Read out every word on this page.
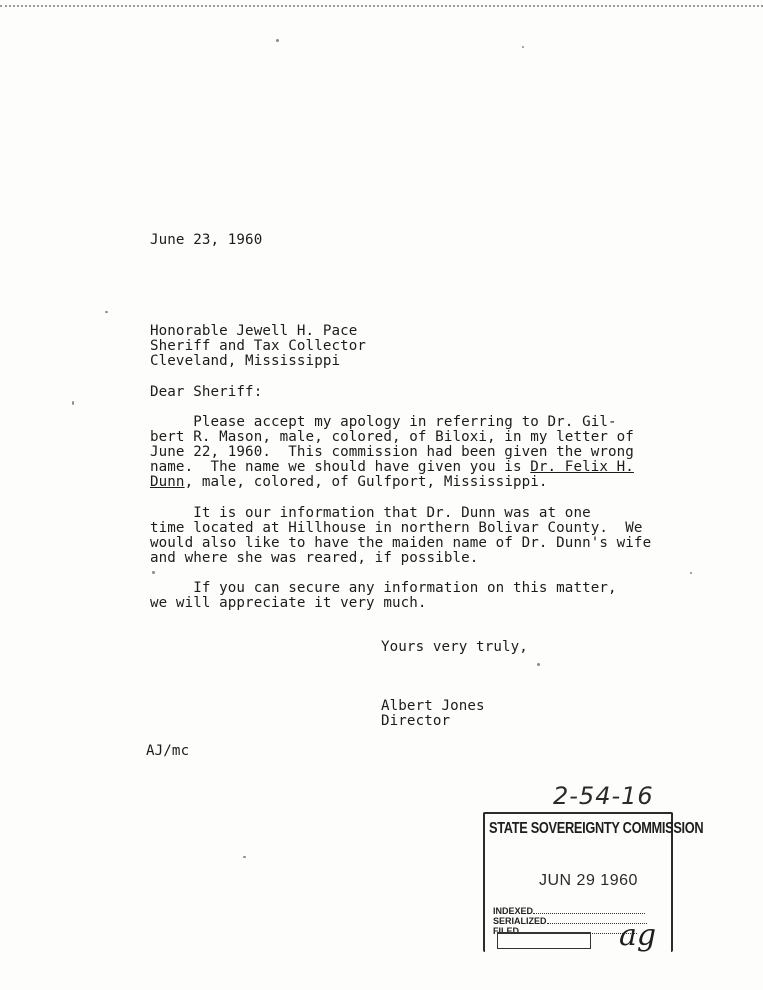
June 23, 1960
Honorable Jewell H. Pace
Sheriff and Tax Collector
Cleveland, Mississippi
Dear Sheriff:
Please accept my apology in referring to Dr. Gil-
bert R. Mason, male, colored, of Biloxi, in my letter of
June 22, 1960.  This commission had been given the wrong
name.  The name we should have given you is Dr. Felix H.
Dunn, male, colored, of Gulfport, Mississippi.
It is our information that Dr. Dunn was at one
time located at Hillhouse in northern Bolivar County.  We
would also like to have the maiden name of Dr. Dunn's wife
and where she was reared, if possible.
If you can secure any information on this matter,
we will appreciate it very much.
Yours very truly,
Albert Jones
Director
AJ/mc
2-54-16
STATE SOVEREIGNTY COMMISSION
JUN 29 1960
INDEXED
SERIALIZED
FILED	ag
